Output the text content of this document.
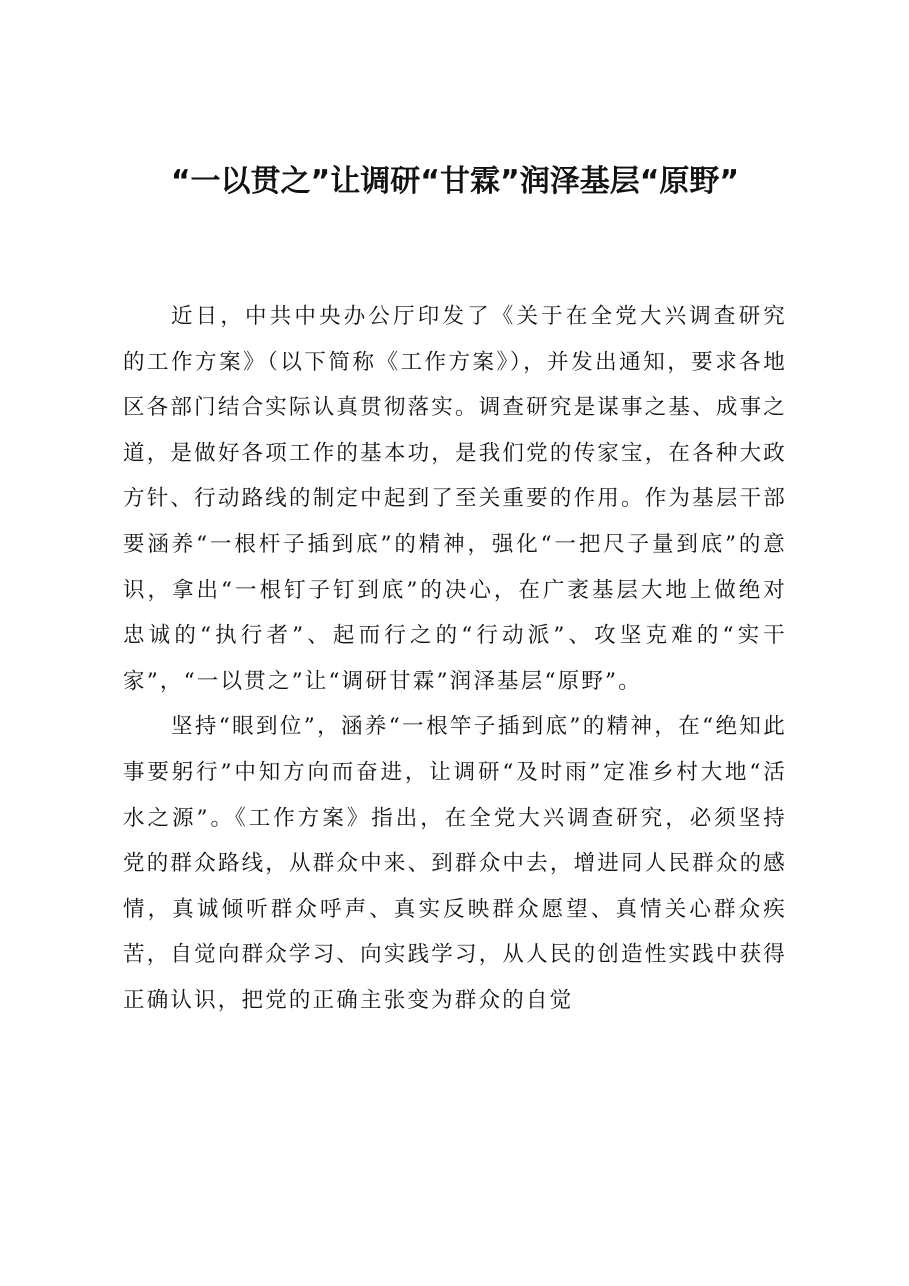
“一以贯之”让调研“甘霖”润泽基层“原野”

近日，中共中央办公厅印发了《关于在全党大兴调查研究的工作方案》（以下简称《工作方案》），并发出通知，要求各地区各部门结合实际认真贯彻落实。调查研究是谋事之基、成事之道，是做好各项工作的基本功，是我们党的传家宝，在各种大政方针、行动路线的制定中起到了至关重要的作用。作为基层干部要涵养“一根杆子插到底”的精神，强化“一把尺子量到底”的意识，拿出“一根钉子钉到底”的决心，在广袤基层大地上做绝对忠诚的“执行者”、起而行之的“行动派”、攻坚克难的“实干家”，“一以贯之”让“调研甘霖”润泽基层“原野”。

坚持“眼到位”，涵养“一根竿子插到底”的精神，在“绝知此事要躬行”中知方向而奋进，让调研“及时雨”定准乡村大地“活水之源”。《工作方案》指出，在全党大兴调查研究，必须坚持党的群众路线，从群众中来、到群众中去，增进同人民群众的感情，真诚倾听群众呼声、真实反映群众愿望、真情关心群众疾苦，自觉向群众学习、向实践学习，从人民的创造性实践中获得正确认识，把党的正确主张变为群众的自觉
